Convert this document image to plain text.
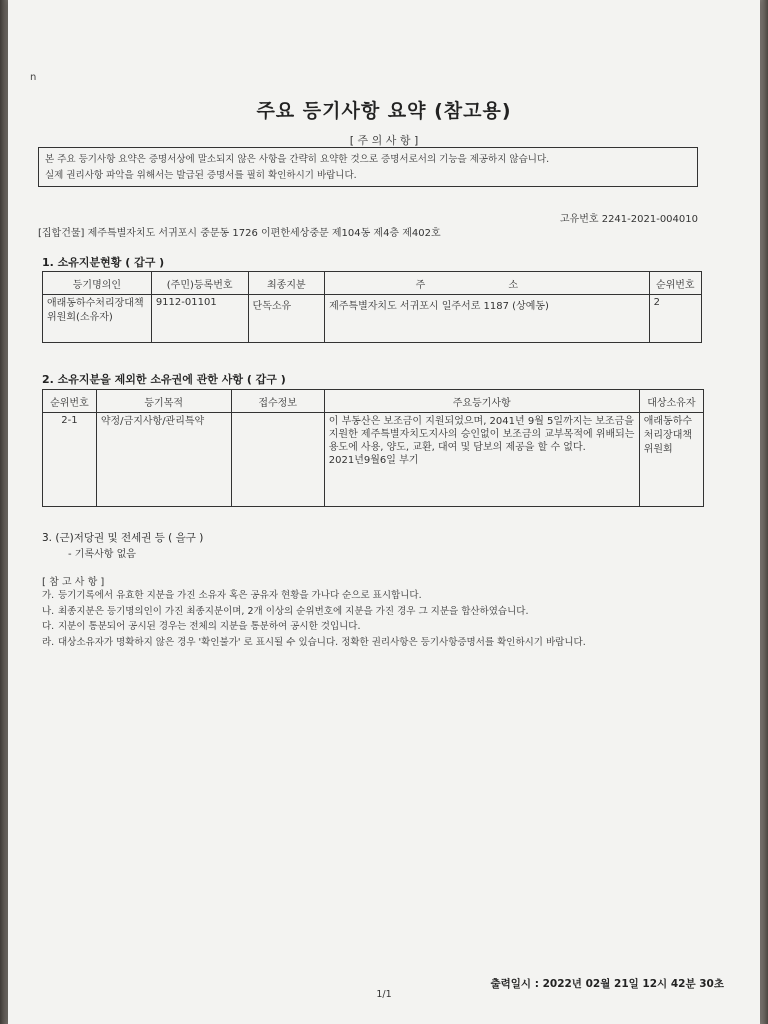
n
주요 등기사항 요약 (참고용)
[ 주 의 사 항 ]
본 주요 등기사항 요약은 증명서상에 말소되지 않은 사항을 간략히 요약한 것으로 증명서로서의 기능을 제공하지 않습니다.
실제 권리사항 파악을 위해서는 발급된 증명서를 필히 확인하시기 바랍니다.
고유번호 2241-2021-004010
[집합건물] 제주특별자치도 서귀포시 중문동 1726 이편한세상중문 제104동 제4층 제402호
1. 소유지분현황 ( 갑구 )
등기명의인	(주민)등록번호	최종지분	주 소	순위번호
애래동하수처리장대책위원회(소유자)	9112-01101	단독소유	제주특별자치도 서귀포시 일주서로 1187 (상예동)	2
2. 소유지분을 제외한 소유권에 관한 사항 ( 갑구 )
순위번호	등기목적	접수정보	주요등기사항	대상소유자
2-1	약정/금지사항/관리특약		이 부동산은 보조금이 지원되었으며, 2041년 9월 5일까지는 보조금을 지원한 제주특별자치도지사의 승인없이 보조금의 교부목적에 위배되는 용도에 사용, 양도, 교환, 대여 및 담보의 제공을 할 수 없다.
2021년9월6일 부기	애래동하수처리장대책위원회
3. (근)저당권 및 전세권 등 ( 을구 )
- 기록사항 없음
[ 참 고 사 항 ]
가. 등기기록에서 유효한 지분을 가진 소유자 혹은 공유자 현황을 가나다 순으로 표시합니다.
나. 최종지분은 등기명의인이 가진 최종지분이며, 2개 이상의 순위번호에 지분을 가진 경우 그 지분을 합산하였습니다.
다. 지분이 통분되어 공시된 경우는 전체의 지분을 통분하여 공시한 것입니다.
라. 대상소유자가 명확하지 않은 경우 '확인불가' 로 표시될 수 있습니다. 정확한 권리사항은 등기사항증명서를 확인하시기 바랍니다.
출력일시 : 2022년 02월 21일 12시 42분 30초
1/1
